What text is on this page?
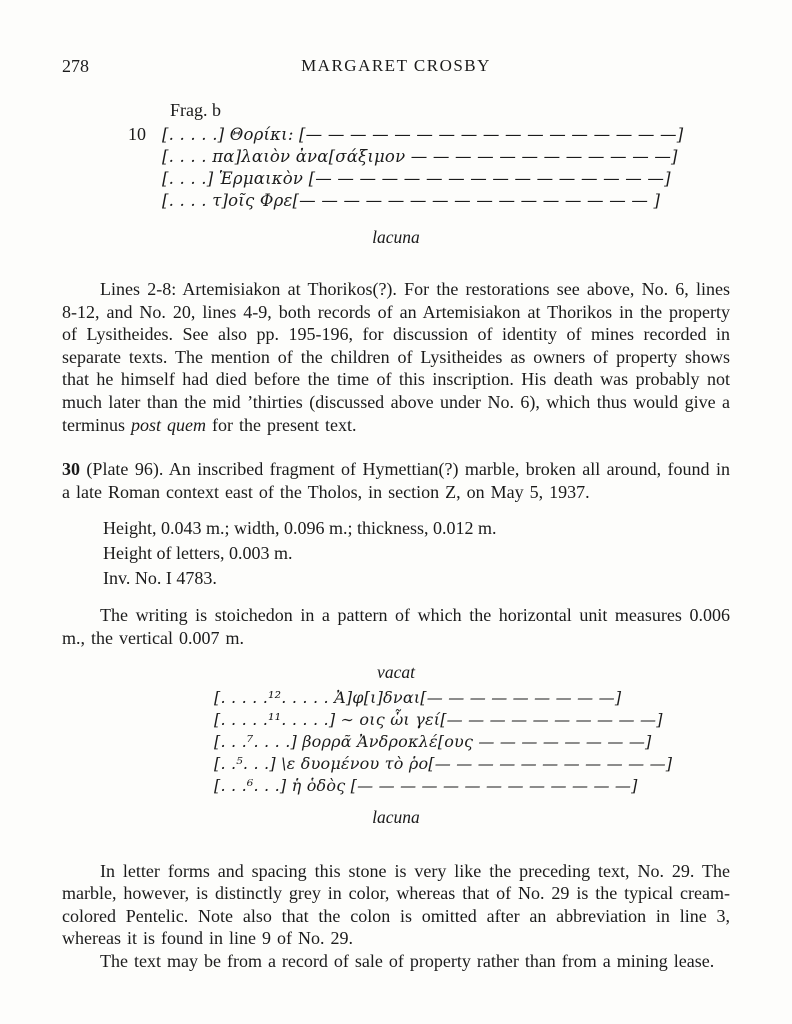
278	MARGARET CROSBY
Frag. b
10 [. . . . .] Θορίκι: [— — — — — — — — — — — — — — — — —]
[. . . . πα]λαιὸν ἀνα[σάξιμον — — — — — — — — — — — —]
[. . . .] Ἑρμαικὸν [— — — — — — — — — — — — — — — —]
[. . . . τ]οῖς Φρε[— — — — — — — — — — — — — — — — ]
lacuna

Lines 2-8: Artemisiakon at Thorikos(?). For the restorations see above, No. 6, lines 8-12, and No. 20, lines 4-9, both records of an Artemisiakon at Thorikos in the property of Lysitheides. See also pp. 195-196, for discussion of identity of mines recorded in separate texts. The mention of the children of Lysitheides as owners of property shows that he himself had died before the time of this inscription. His death was probably not much later than the mid ’thirties (discussed above under No. 6), which thus would give a terminus post quem for the present text.

30 (Plate 96). An inscribed fragment of Hymettian(?) marble, broken all around, found in a late Roman context east of the Tholos, in section Z, on May 5, 1937.

Height, 0.043 m.; width, 0.096 m.; thickness, 0.012 m.
Height of letters, 0.003 m.
Inv. No. I 4783.

The writing is stoichedon in a pattern of which the horizontal unit measures 0.006 m., the vertical 0.007 m.

vacat
[. . . . .¹². . . . . Ἀ]φ[ι]δναι[— — — — — — — — —]
[. . . . .¹¹. . . . .] ∼ οις ὧι γεί[— — — — — — — — — —]
[. . .⁷. . . .] βορρᾶ Ἀνδροκλέ[ους — — — — — — — —]
[. .⁵. . .] \ε δυομένου τὸ ῥο[— — — — — — — — — — —]
[. . .⁶. . .] ἡ ὁδὸς [— — — — — — — — — — — — —]
lacuna

In letter forms and spacing this stone is very like the preceding text, No. 29. The marble, however, is distinctly grey in color, whereas that of No. 29 is the typical cream-colored Pentelic. Note also that the colon is omitted after an abbreviation in line 3, whereas it is found in line 9 of No. 29.

The text may be from a record of sale of property rather than from a mining lease.
